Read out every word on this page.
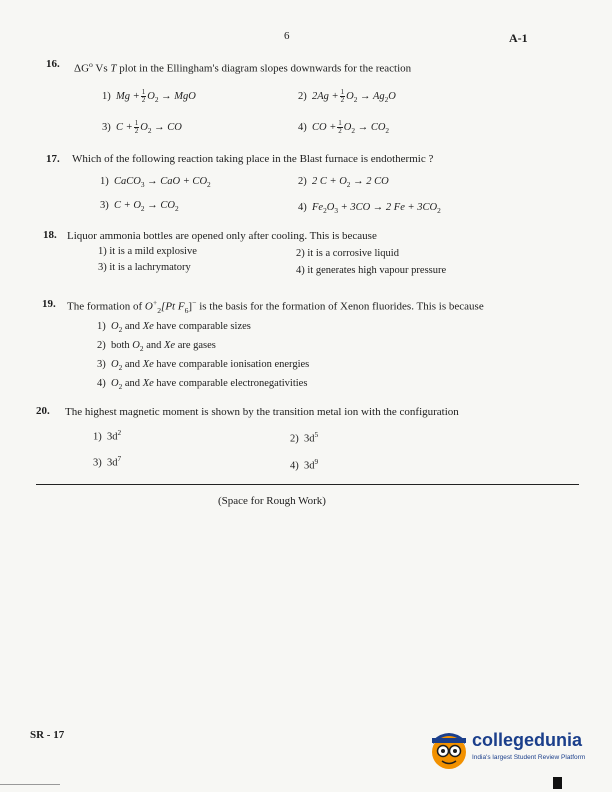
6	A-1
16. $\Delta G^o$ Vs T plot in the Ellingham's diagram slopes downwards for the reaction
1) $Mg + \frac{1}{2} O_2$ → MgO	2) $2Ag + \frac{1}{2} O_2 \to Ag_2O$
3) $C + \frac{1}{2} O_2$ → CO	4) CO + $\frac{1}{2} O_2 \to CO_2$
17. Which of the following reaction taking place in the Blast furnace is endothermic ?
1) CaCO$_3$ → CaO + $CO_2$	2) 2 $C + O_2 \to 2$ CO
3) $C + O_2 \to CO_2$	4) $Fe_2O_3 + 3CO \to 2$ $Fe + 3CO_2$
18. Liquor ammonia bottles are opened only after cooling. This is because
1) it is a mild explosive	2) it is a corrosive liquid
3) it is a lachrymatory	4) it generates high vapour pressure
19. The formation of $O^+_2[Pt$ $F_6]^-$ is the basis for the formation of Xenon fluorides. This is because
1) $O_2$ and Xe have comparable sizes
2) both $O_2$ and Xe are gases
3) $O_2$ and Xe have comparable ionisation energies
4) $O_2$ and Xe have comparable electronegativities
20. The highest magnetic moment is shown by the transition metal ion with the configuration
1) $3d^2$
2) $3d^5$
3) $3d^7$
4) $3d^9$
(Space for Rough Work)
SR - 17	collegedunia
India's largest Student Review Platform
